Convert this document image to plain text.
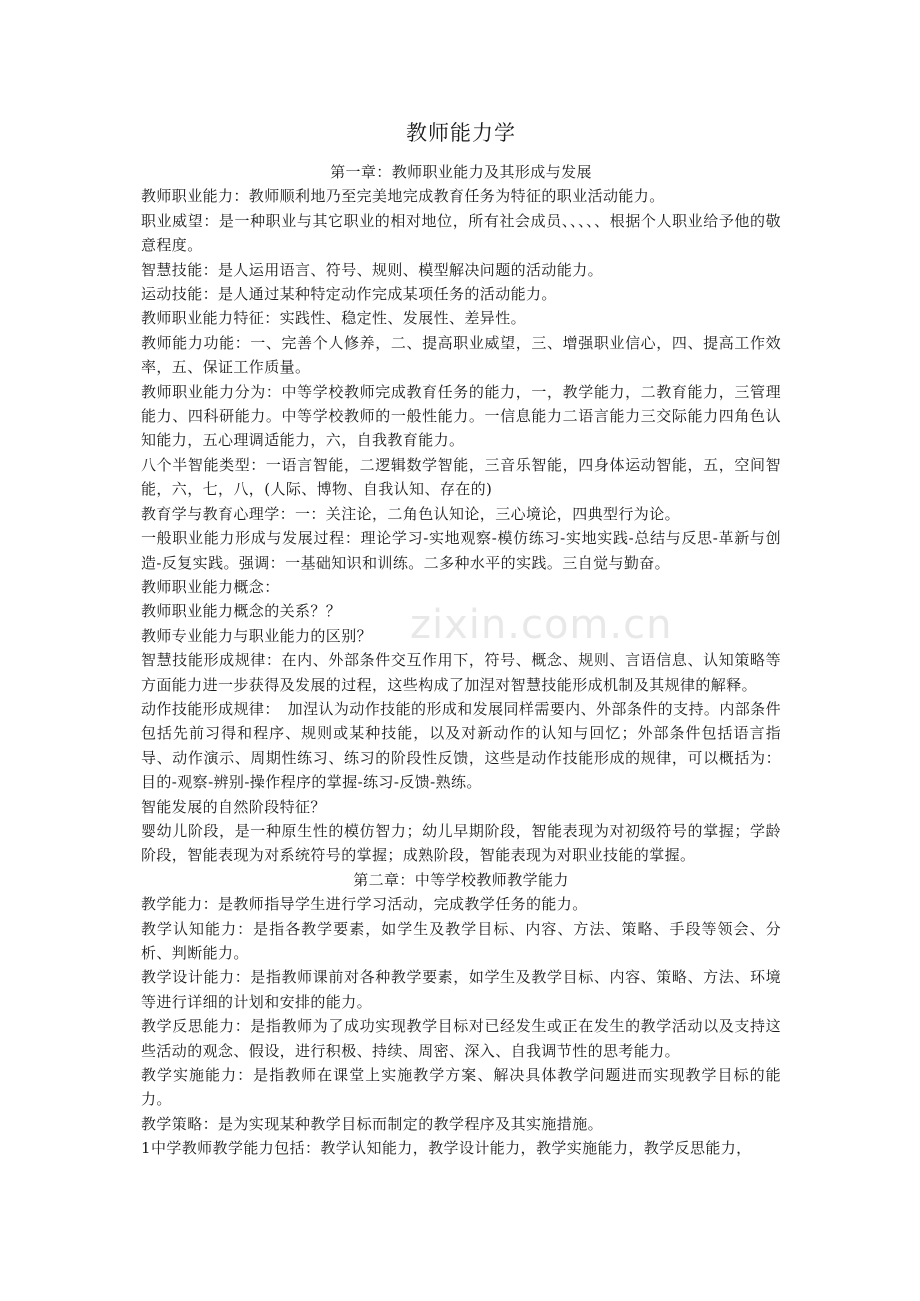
zixin.com.cn
教师能力学
第一章：教师职业能力及其形成与发展

教师职业能力：教师顺利地乃至完美地完成教育任务为特征的职业活动能力。

职业威望：是一种职业与其它职业的相对地位，所有社会成员、、、、、根据个人职业给予他的敬意程度。

智慧技能：是人运用语言、符号、规则、模型解决问题的活动能力。

运动技能：是人通过某种特定动作完成某项任务的活动能力。

教师职业能力特征：实践性、稳定性、发展性、差异性。

教师能力功能：一、完善个人修养，二、提高职业威望，三、增强职业信心，四、提高工作效率，五、保证工作质量。

教师职业能力分为：中等学校教师完成教育任务的能力，一，教学能力，二教育能力，三管理能力、四科研能力。中等学校教师的一般性能力。一信息能力二语言能力三交际能力四角色认知能力，五心理调适能力，六，自我教育能力。

八个半智能类型：一语言智能，二逻辑数学智能，三音乐智能，四身体运动智能，五，空间智能，六，七，八，(人际、博物、自我认知、存在的)

教育学与教育心理学：一：关注论，二角色认知论，三心境论，四典型行为论。

一般职业能力形成与发展过程：理论学习-实地观察-模仿练习-实地实践-总结与反思-革新与创造-反复实践。强调：一基础知识和训练。二多种水平的实践。三自觉与勤奋。

教师职业能力概念：

教师职业能力概念的关系？？

教师专业能力与职业能力的区别？

智慧技能形成规律：在内、外部条件交互作用下，符号、概念、规则、言语信息、认知策略等方面能力进一步获得及发展的过程，这些构成了加涅对智慧技能形成机制及其规律的解释。

动作技能形成规律：　加涅认为动作技能的形成和发展同样需要内、外部条件的支持。内部条件包括先前习得和程序、规则或某种技能，以及对新动作的认知与回忆；外部条件包括语言指导、动作演示、周期性练习、练习的阶段性反馈，这些是动作技能形成的规律，可以概括为：目的-观察-辨别-操作程序的掌握-练习-反馈-熟练。

智能发展的自然阶段特征？

婴幼儿阶段，是一种原生性的模仿智力；幼儿早期阶段，智能表现为对初级符号的掌握；学龄阶段，智能表现为对系统符号的掌握；成熟阶段，智能表现为对职业技能的掌握。

第二章：中等学校教师教学能力

教学能力：是教师指导学生进行学习活动，完成教学任务的能力。

教学认知能力：是指各教学要素，如学生及教学目标、内容、方法、策略、手段等领会、分析、判断能力。

教学设计能力：是指教师课前对各种教学要素，如学生及教学目标、内容、策略、方法、环境等进行详细的计划和安排的能力。

教学反思能力：是指教师为了成功实现教学目标对已经发生或正在发生的教学活动以及支持这些活动的观念、假设，进行积极、持续、周密、深入、自我调节性的思考能力。

教学实施能力：是指教师在课堂上实施教学方案、解决具体教学问题进而实现教学目标的能力。

教学策略：是为实现某种教学目标而制定的教学程序及其实施措施。

1中学教师教学能力包括：教学认知能力，教学设计能力，教学实施能力，教学反思能力，
